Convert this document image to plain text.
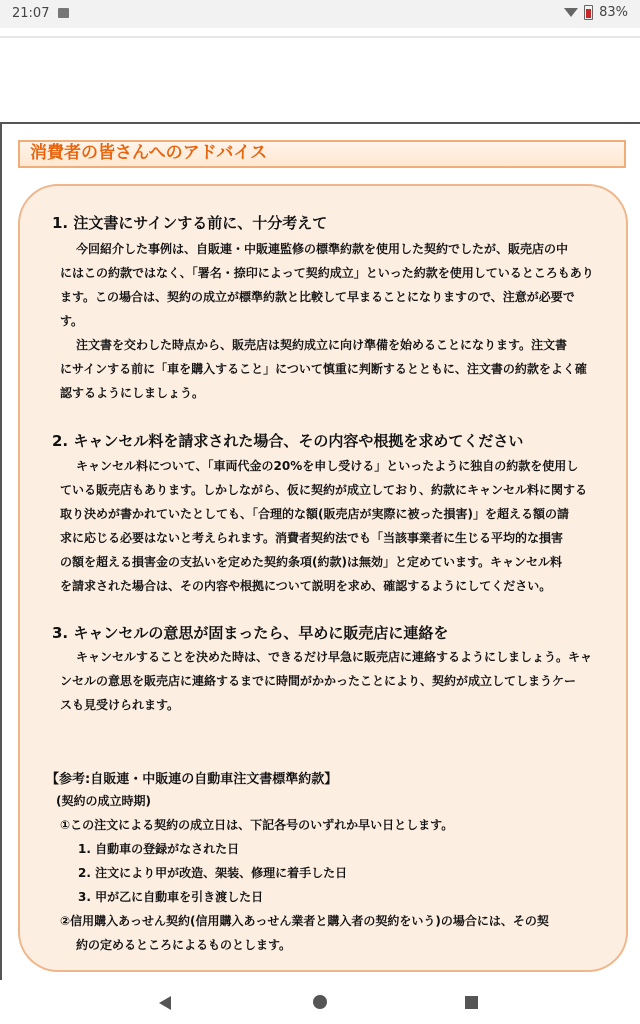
21:07	83%
消費者の皆さんへのアドバイス
1. 注文書にサインする前に、十分考えて
今回紹介した事例は、自販連・中販連監修の標準約款を使用した契約でしたが、販売店の中
にはこの約款ではなく、「署名・捺印によって契約成立」といった約款を使用しているところもあり
ます。この場合は、契約の成立が標準約款と比較して早まることになりますので、注意が必要で
す。
注文書を交わした時点から、販売店は契約成立に向け準備を始めることになります。注文書
にサインする前に「車を購入すること」について慎重に判断するとともに、注文書の約款をよく確
認するようにしましょう。
2. キャンセル料を請求された場合、その内容や根拠を求めてください
キャンセル料について、「車両代金の20%を申し受ける」といったように独自の約款を使用し
ている販売店もあります。しかしながら、仮に契約が成立しており、約款にキャンセル料に関する
取り決めが書かれていたとしても、「合理的な額(販売店が実際に被った損害)」を超える額の請
求に応じる必要はないと考えられます。消費者契約法でも「当該事業者に生じる平均的な損害
の額を超える損害金の支払いを定めた契約条項(約款)は無効」と定めています。キャンセル料
を請求された場合は、その内容や根拠について説明を求め、確認するようにしてください。
3. キャンセルの意思が固まったら、早めに販売店に連絡を
キャンセルすることを決めた時は、できるだけ早急に販売店に連絡するようにしましょう。キャ
ンセルの意思を販売店に連絡するまでに時間がかかったことにより、契約が成立してしまうケー
スも見受けられます。
【参考:自販連・中販連の自動車注文書標準約款】
(契約の成立時期)
①この注文による契約の成立日は、下記各号のいずれか早い日とします。
1. 自動車の登録がなされた日
2. 注文により甲が改造、架装、修理に着手した日
3. 甲が乙に自動車を引き渡した日
②信用購入あっせん契約(信用購入あっせん業者と購入者の契約をいう)の場合には、その契
約の定めるところによるものとします。
